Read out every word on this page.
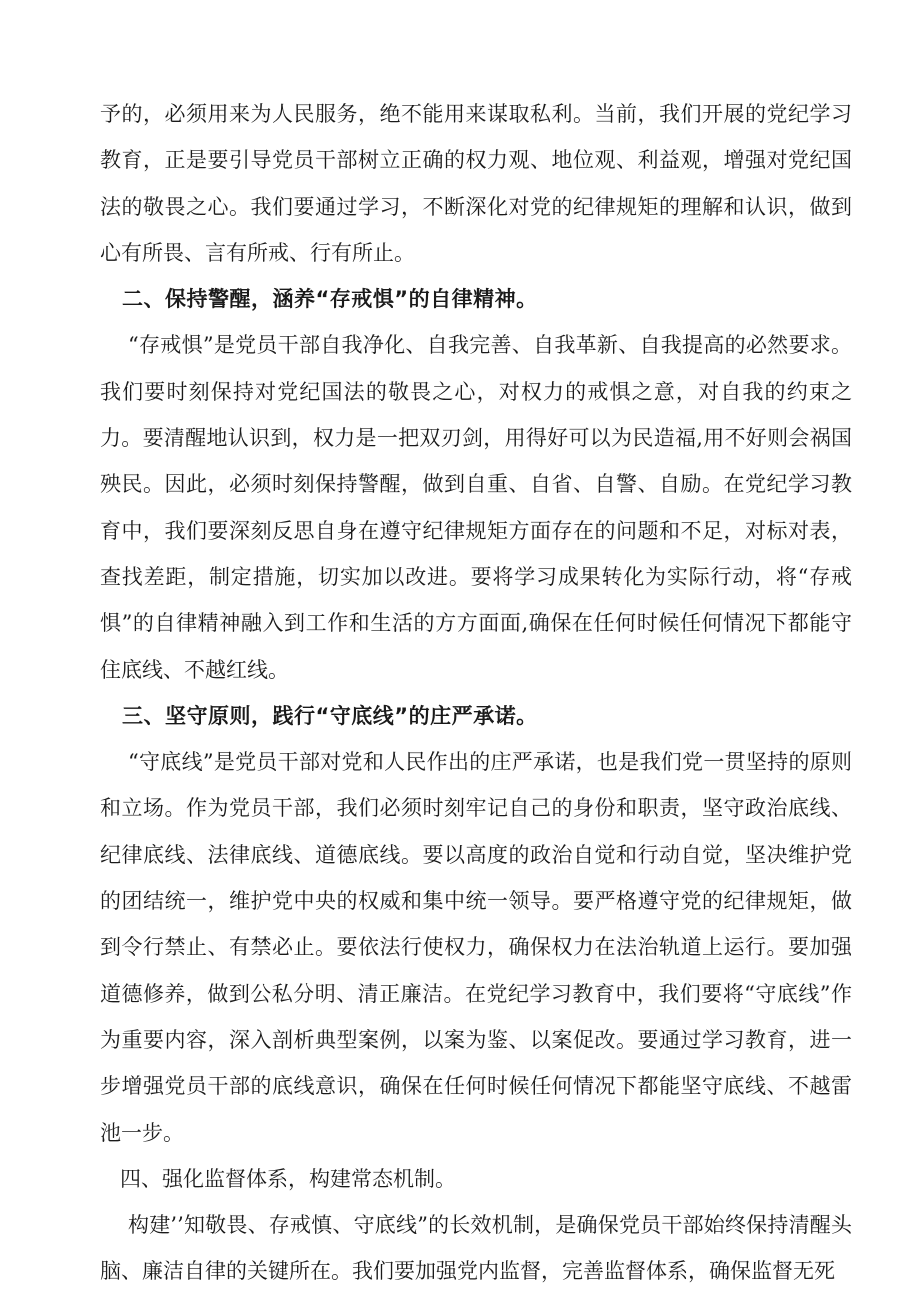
予的，必须用来为人民服务，绝不能用来谋取私利。当前，我们开展的党纪学习教育，正是要引导党员干部树立正确的权力观、地位观、利益观，增强对党纪国法的敬畏之心。我们要通过学习，不断深化对党的纪律规矩的理解和认识，做到心有所畏、言有所戒、行有所止。

二、保持警醒，涵养“存戒惧”的自律精神。

“存戒惧”是党员干部自我净化、自我完善、自我革新、自我提高的必然要求。我们要时刻保持对党纪国法的敬畏之心，对权力的戒惧之意，对自我的约束之力。要清醒地认识到，权力是一把双刃剑，用得好可以为民造福,用不好则会祸国殃民。因此，必须时刻保持警醒，做到自重、自省、自警、自励。在党纪学习教育中，我们要深刻反思自身在遵守纪律规矩方面存在的问题和不足，对标对表，查找差距，制定措施，切实加以改进。要将学习成果转化为实际行动，将“存戒惧”的自律精神融入到工作和生活的方方面面,确保在任何时候任何情况下都能守住底线、不越红线。

三、坚守原则，践行“守底线”的庄严承诺。

“守底线”是党员干部对党和人民作出的庄严承诺，也是我们党一贯坚持的原则和立场。作为党员干部，我们必须时刻牢记自己的身份和职责，坚守政治底线、纪律底线、法律底线、道德底线。要以高度的政治自觉和行动自觉，坚决维护党的团结统一，维护党中央的权威和集中统一领导。要严格遵守党的纪律规矩，做到令行禁止、有禁必止。要依法行使权力，确保权力在法治轨道上运行。要加强道德修养，做到公私分明、清正廉洁。在党纪学习教育中，我们要将“守底线”作为重要内容，深入剖析典型案例，以案为鉴、以案促改。要通过学习教育，进一步增强党员干部的底线意识，确保在任何时候任何情况下都能坚守底线、不越雷池一步。

四、强化监督体系，构建常态机制。

构建’’知敬畏、存戒慎、守底线”的长效机制，是确保党员干部始终保持清醒头脑、廉洁自律的关键所在。我们要加强党内监督，完善监督体系，确保监督无死
